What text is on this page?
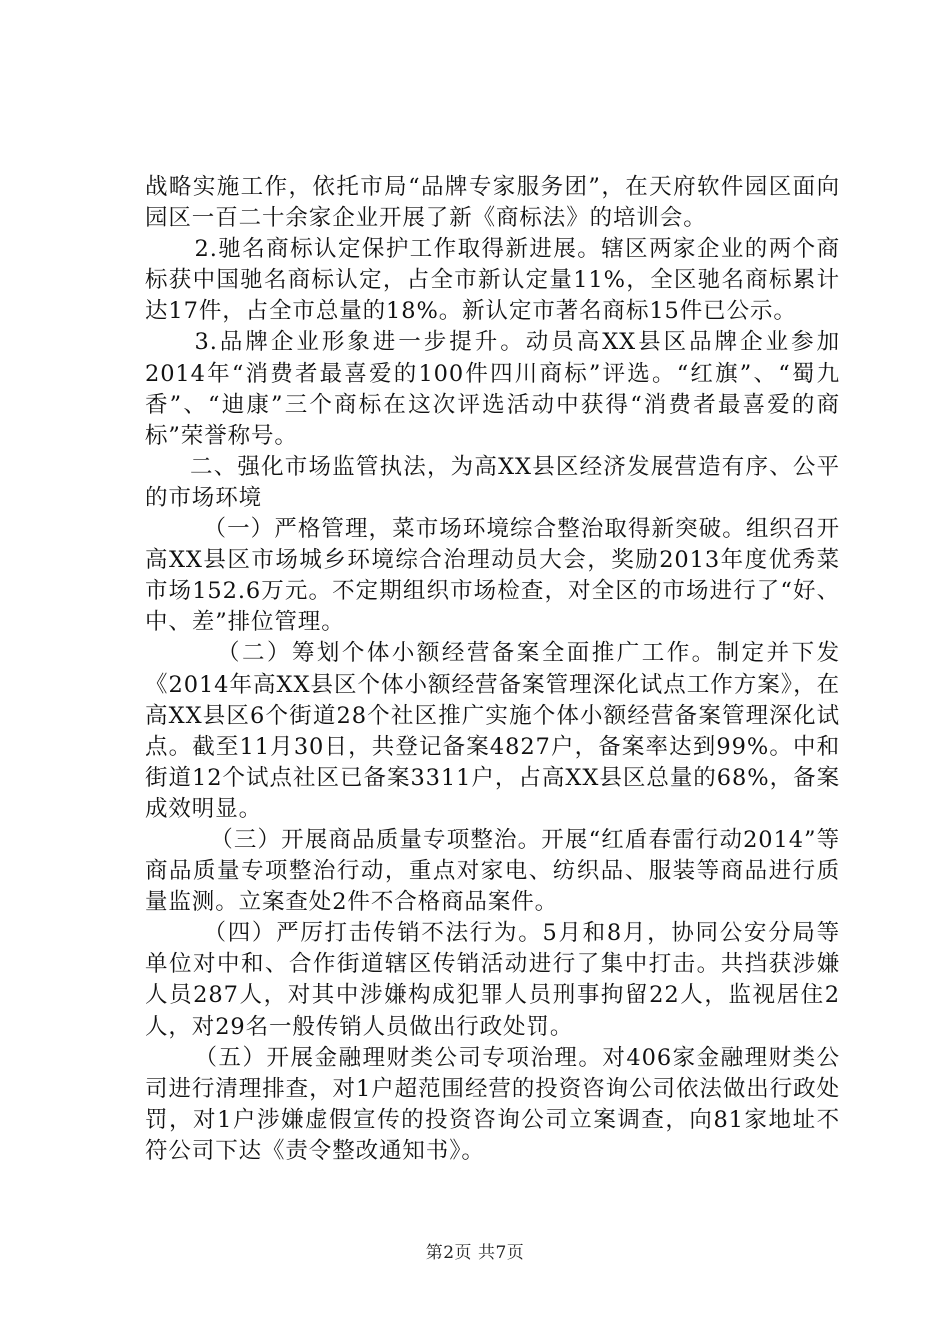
战略实施工作，依托市局“品牌专家服务团”，在天府软件园区面向园区一百二十余家企业开展了新《商标法》的培训会。

2.驰名商标认定保护工作取得新进展。辖区两家企业的两个商标获中国驰名商标认定，占全市新认定量11%，全区驰名商标累计达17件，占全市总量的18%。新认定市著名商标15件已公示。

3.品牌企业形象进一步提升。动员高XX县区品牌企业参加2014年“消费者最喜爱的100件四川商标”评选。“红旗”、“蜀九香”、“迪康”三个商标在这次评选活动中获得“消费者最喜爱的商标”荣誉称号。

二、强化市场监管执法，为高XX县区经济发展营造有序、公平的市场环境

（一）严格管理，菜市场环境综合整治取得新突破。组织召开高XX县区市场城乡环境综合治理动员大会，奖励2013年度优秀菜市场152.6万元。不定期组织市场检查，对全区的市场进行了“好、中、差”排位管理。

（二）筹划个体小额经营备案全面推广工作。制定并下发《2014年高XX县区个体小额经营备案管理深化试点工作方案》，在高XX县区6个街道28个社区推广实施个体小额经营备案管理深化试点。截至11月30日，共登记备案4827户，备案率达到99%。中和街道12个试点社区已备案3311户，占高XX县区总量的68%，备案成效明显。

（三）开展商品质量专项整治。开展“红盾春雷行动2014”等商品质量专项整治行动，重点对家电、纺织品、服装等商品进行质量监测。立案查处2件不合格商品案件。

（四）严厉打击传销不法行为。5月和8月，协同公安分局等单位对中和、合作街道辖区传销活动进行了集中打击。共挡获涉嫌人员287人，对其中涉嫌构成犯罪人员刑事拘留22人，监视居住2人，对29名一般传销人员做出行政处罚。

（五）开展金融理财类公司专项治理。对406家金融理财类公司进行清理排查，对1户超范围经营的投资咨询公司依法做出行政处罚，对1户涉嫌虚假宣传的投资咨询公司立案调查，向81家地址不符公司下达《责令整改通知书》。

第2页 共7页
